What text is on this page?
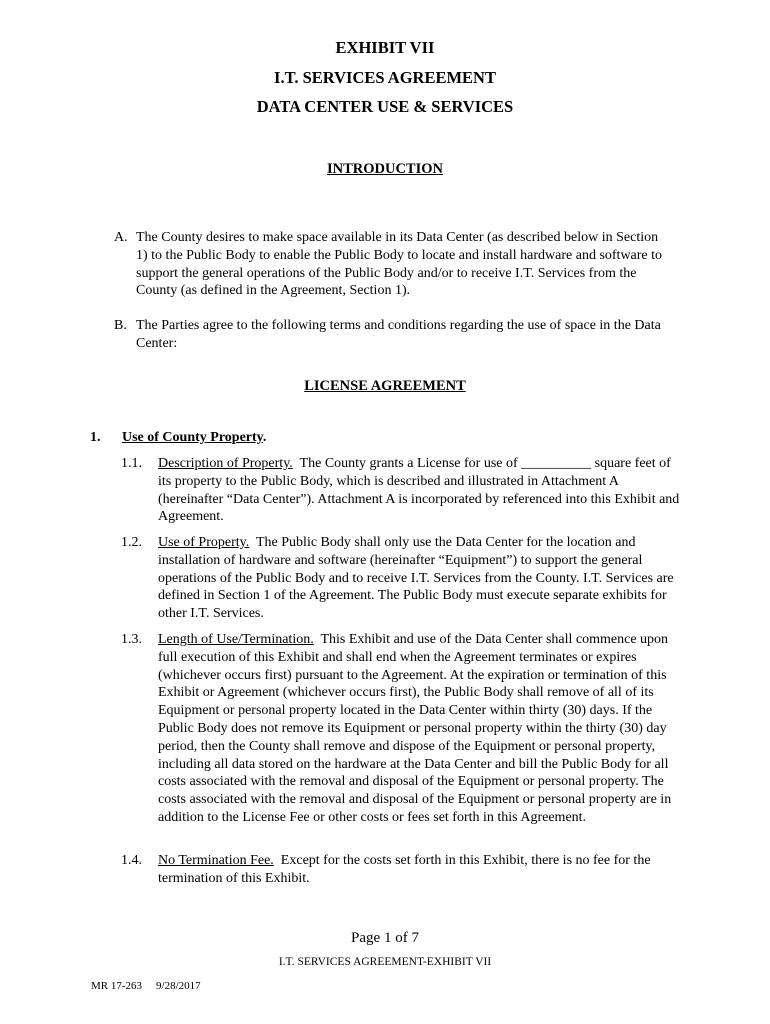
EXHIBIT VII
I.T. SERVICES AGREEMENT
DATA CENTER USE & SERVICES
INTRODUCTION
A. The County desires to make space available in its Data Center (as described below in Section 1) to the Public Body to enable the Public Body to locate and install hardware and software to support the general operations of the Public Body and/or to receive I.T. Services from the County (as defined in the Agreement, Section 1).
B. The Parties agree to the following terms and conditions regarding the use of space in the Data Center:
LICENSE AGREEMENT
1. Use of County Property.
1.1. Description of Property. The County grants a License for use of __________ square feet of its property to the Public Body, which is described and illustrated in Attachment A (hereinafter “Data Center”). Attachment A is incorporated by referenced into this Exhibit and Agreement.
1.2. Use of Property. The Public Body shall only use the Data Center for the location and installation of hardware and software (hereinafter “Equipment”) to support the general operations of the Public Body and to receive I.T. Services from the County. I.T. Services are defined in Section 1 of the Agreement. The Public Body must execute separate exhibits for other I.T. Services.
1.3. Length of Use/Termination. This Exhibit and use of the Data Center shall commence upon full execution of this Exhibit and shall end when the Agreement terminates or expires (whichever occurs first) pursuant to the Agreement. At the expiration or termination of this Exhibit or Agreement (whichever occurs first), the Public Body shall remove of all of its Equipment or personal property located in the Data Center within thirty (30) days. If the Public Body does not remove its Equipment or personal property within the thirty (30) day period, then the County shall remove and dispose of the Equipment or personal property, including all data stored on the hardware at the Data Center and bill the Public Body for all costs associated with the removal and disposal of the Equipment or personal property. The costs associated with the removal and disposal of the Equipment or personal property are in addition to the License Fee or other costs or fees set forth in this Agreement.
1.4. No Termination Fee. Except for the costs set forth in this Exhibit, there is no fee for the termination of this Exhibit.
Page 1 of 7
I.T. SERVICES AGREEMENT-EXHIBIT VII
MR 17-263 9/28/2017
